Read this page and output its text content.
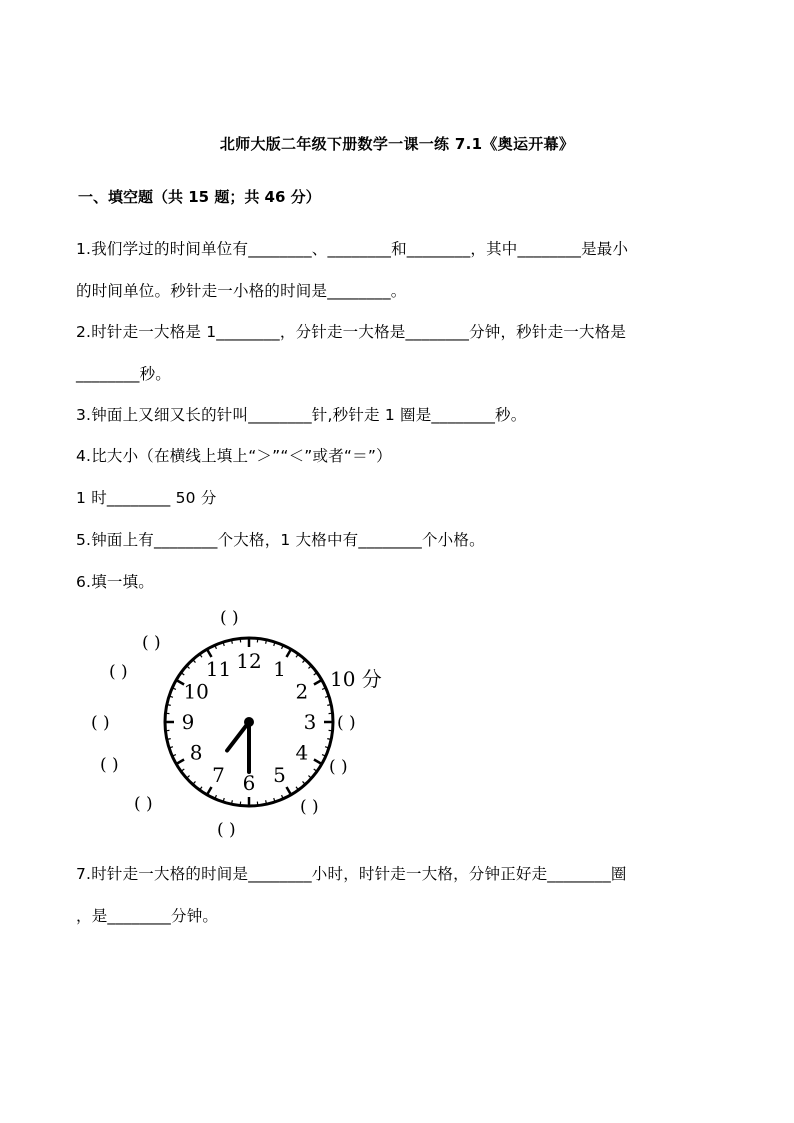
北师大版二年级下册数学一课一练 7.1《奥运开幕》
一、填空题（共 15 题；共 46 分）
1.我们学过的时间单位有________、________和________，其中________是最小
的时间单位。秒针走一小格的时间是________。
2.时针走一大格是 1________，分针走一大格是________分钟，秒针走一大格是
________秒。
3.钟面上又细又长的针叫________针,秒针走 1 圈是________秒。
4.比大小（在横线上填上“＞”“＜”或者“＝”）
1 时________ 50 分
5.钟面上有________个大格，1 大格中有________个小格。
6.填一填。
( )
( )
( )
( )	( )
( )	( )
( )	( )
( )
10 分
12 1
2
3
4
5
6
7
8
9
10
11
7.时针走一大格的时间是________小时，时针走一大格，分钟正好走________圈
，是________分钟。
